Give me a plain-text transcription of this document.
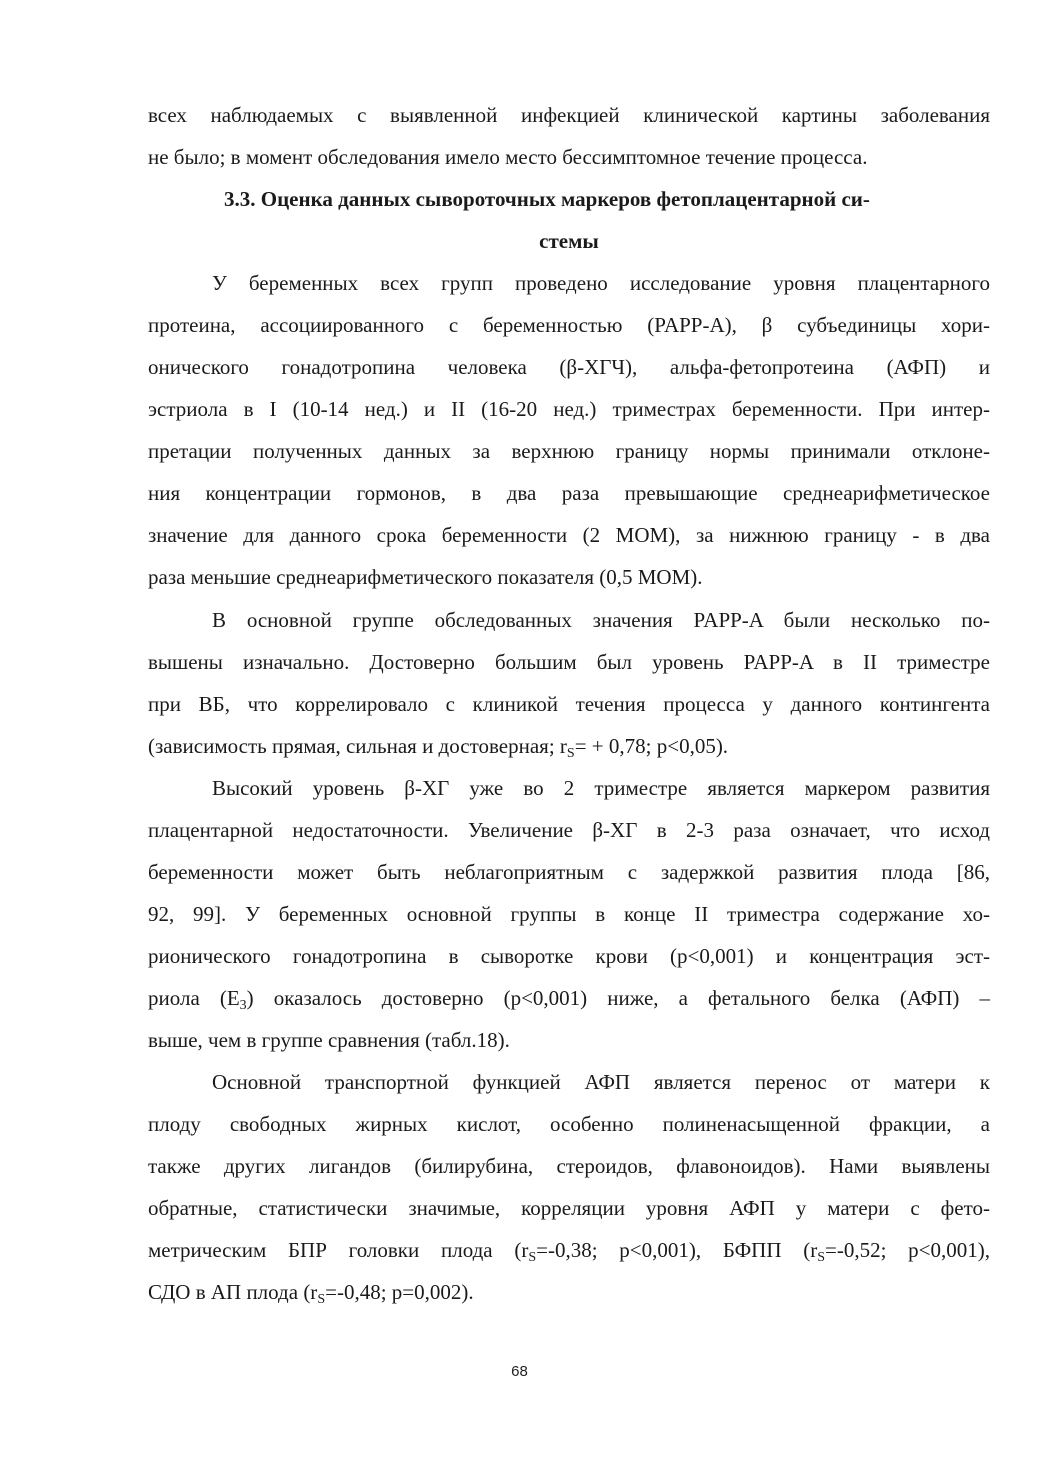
всех наблюдаемых с выявленной инфекцией клинической картины заболевания
не было; в момент обследования имело место бессимптомное течение процесса.
3.3. Оценка данных сывороточных маркеров фетоплацентарной си-
стемы
У беременных всех групп проведено исследование уровня плацентарного
протеина, ассоциированного с беременностью (PAPP-A), β субъединицы хори-
онического гонадотропина человека (β-ХГЧ), альфа-фетопротеина (АФП) и
эстриола в I (10-14 нед.) и II (16-20 нед.) триместрах беременности. При интер-
претации полученных данных за верхнюю границу нормы принимали отклоне-
ния концентрации гормонов, в два раза превышающие среднеарифметическое
значение для данного срока беременности (2 МОМ), за нижнюю границу - в два
раза меньшие среднеарифметического показателя (0,5 МОМ).
В основной группе обследованных значения PAPP-A были несколько по-
вышены изначально. Достоверно большим был уровень PAPP-A в II триместре
при ВБ, что коррелировало с клиникой течения процесса у данного контингента
(зависимость прямая, сильная и достоверная; $r_S= + 0,78$; p<0,05).
Высокий уровень β-ХГ уже во 2 триместре является маркером развития
плацентарной недостаточности. Увеличение β-ХГ в 2-3 раза означает, что исход
беременности может быть неблагоприятным с задержкой развития плода [86,
92, 99]. У беременных основной группы в конце II триместра содержание хо-
рионического гонадотропина в сыворотке крови (p<0,001) и концентрация эст-
риола $(Е_3)$ оказалось достоверно (p<0,001) ниже, а фетального белка (АФП) –
выше, чем в группе сравнения (табл.18).
Основной транспортной функцией АФП является перенос от матери к
плоду свободных жирных кислот, особенно полиненасыщенной фракции, а
также других лигандов (билирубина, стероидов, флавоноидов). Нами выявлены
обратные, статистически значимые, корреляции уровня АФП у матери с фето-
метрическим БПР головки плода ($r_S=-0,38$; p<0,001), БФПП ($r_S=-0,52$; p<0,001),
СДО в АП плода ($r_S=-0,48$; p=0,002).
68
